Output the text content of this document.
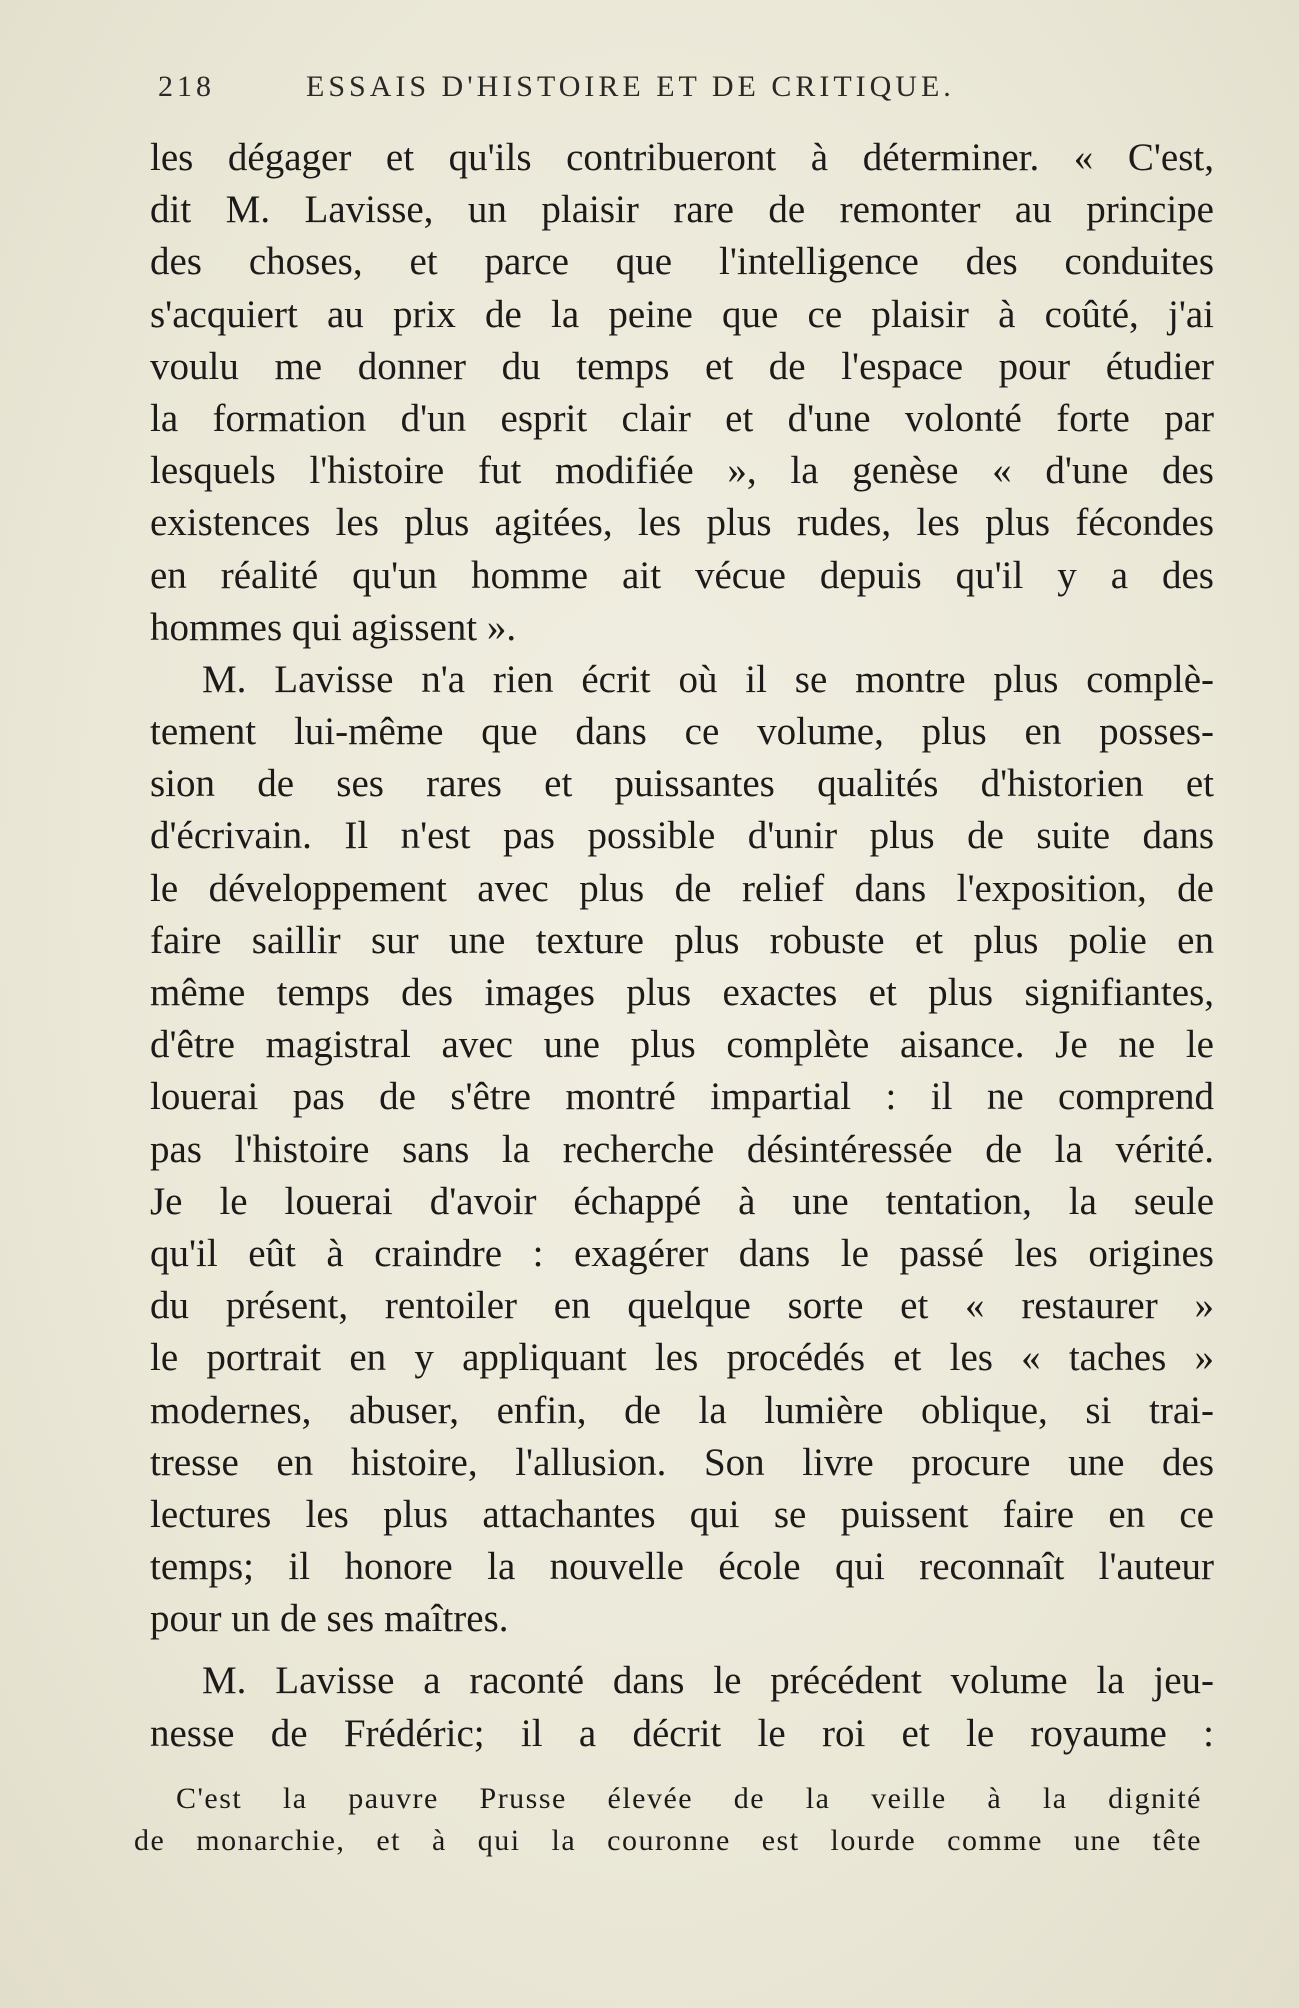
218	ESSAIS D'HISTOIRE ET DE CRITIQUE.
les dégager et qu'ils contribueront à déterminer. « C'est,
dit M. Lavisse, un plaisir rare de remonter au principe
des choses, et parce que l'intelligence des conduites
s'acquiert au prix de la peine que ce plaisir à coûté, j'ai
voulu me donner du temps et de l'espace pour étudier
la formation d'un esprit clair et d'une volonté forte par
lesquels l'histoire fut modifiée », la genèse « d'une des
existences les plus agitées, les plus rudes, les plus fécondes
en réalité qu'un homme ait vécue depuis qu'il y a des
hommes qui agissent ».
M. Lavisse n'a rien écrit où il se montre plus complè-
tement lui-même que dans ce volume, plus en posses-
sion de ses rares et puissantes qualités d'historien et
d'écrivain. Il n'est pas possible d'unir plus de suite dans
le développement avec plus de relief dans l'exposition, de
faire saillir sur une texture plus robuste et plus polie en
même temps des images plus exactes et plus signifiantes,
d'être magistral avec une plus complète aisance. Je ne le
louerai pas de s'être montré impartial : il ne comprend
pas l'histoire sans la recherche désintéressée de la vérité.
Je le louerai d'avoir échappé à une tentation, la seule
qu'il eût à craindre : exagérer dans le passé les origines
du présent, rentoiler en quelque sorte et « restaurer »
le portrait en y appliquant les procédés et les « taches »
modernes, abuser, enfin, de la lumière oblique, si trai-
tresse en histoire, l'allusion. Son livre procure une des
lectures les plus attachantes qui se puissent faire en ce
temps; il honore la nouvelle école qui reconnaît l'auteur
pour un de ses maîtres.
M. Lavisse a raconté dans le précédent volume la jeu-
nesse de Frédéric; il a décrit le roi et le royaume :
C'est la pauvre Prusse élevée de la veille à la dignité
de monarchie, et à qui la couronne est lourde comme une tête
